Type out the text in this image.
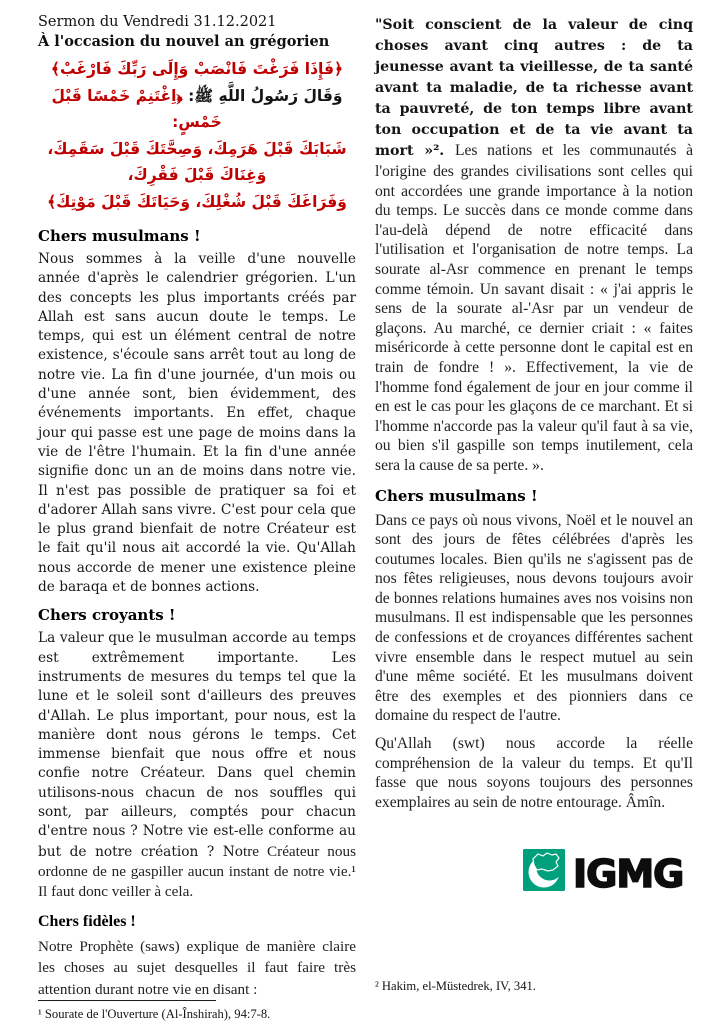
Sermon du Vendredi 31.12.2021
À l'occasion du nouvel an grégorien
﴿فَإِذَا فَرَغْتَ فَانْصَبْ وَإِلَى رَبِّكَ فَارْغَبْ﴾
وَقَالَ رَسُولُ اللَّهِ ﷺ: ﴿اِغْتَنِمْ خَمْسًا قَبْلَ خَمْسٍ:
شَبَابَكَ قَبْلَ هَرَمِكَ، وَصِحَّتَكَ قَبْلَ سَقَمِكَ، وَغِنَاكَ قَبْلَ فَقْرِكَ،
وَفَرَاغَكَ قَبْلَ شُغْلِكَ، وَحَيَاتَكَ قَبْلَ مَوْتِكَ﴾
Chers musulmans !

Nous sommes à la veille d'une nouvelle année d'après le calendrier grégorien. L'un des concepts les plus importants créés par Allah est sans aucun doute le temps. Le temps, qui est un élément central de notre existence, s'écoule sans arrêt tout au long de notre vie. La fin d'une journée, d'un mois ou d'une année sont, bien évidemment, des événements importants. En effet, chaque jour qui passe est une page de moins dans la vie de l'être l'humain. Et la fin d'une année signifie donc un an de moins dans notre vie. Il n'est pas possible de pratiquer sa foi et d'adorer Allah sans vivre. C'est pour cela que le plus grand bienfait de notre Créateur est le fait qu'il nous ait accordé la vie. Qu'Allah nous accorde de mener une existence pleine de baraqa et de bonnes actions.

Chers croyants !

La valeur que le musulman accorde au temps est extrêmement importante. Les instruments de mesures du temps tel que la lune et le soleil sont d'ailleurs des preuves d'Allah. Le plus important, pour nous, est la manière dont nous gérons le temps. Cet immense bienfait que nous offre et nous confie notre Créateur. Dans quel chemin utilisons-nous chacun de nos souffles qui sont, par ailleurs, comptés pour chacun d'entre nous ? Notre vie est-elle conforme au but de notre création ? Notre Créateur nous ordonne de ne gaspiller aucun instant de notre vie.¹ Il faut donc veiller à cela.

Chers fidèles !

Notre Prophète (saws) explique de manière claire les choses au sujet desquelles il faut faire très attention durant notre vie en disant :

¹ Sourate de l'Ouverture (Al-Înshirah), 94:7-8.

"Soit conscient de la valeur de cinq choses avant cinq autres : de ta jeunesse avant ta vieillesse, de ta santé avant ta maladie, de ta richesse avant ta pauvreté, de ton temps libre avant ton occupation et de ta vie avant ta mort »². Les nations et les communautés à l'origine des grandes civilisations sont celles qui ont accordées une grande importance à la notion du temps. Le succès dans ce monde comme dans l'au-delà dépend de notre efficacité dans l'utilisation et l'organisation de notre temps. La sourate al-Asr commence en prenant le temps comme témoin. Un savant disait : « j'ai appris le sens de la sourate al-'Asr par un vendeur de glaçons. Au marché, ce dernier criait : « faites miséricorde à cette personne dont le capital est en train de fondre ! ». Effectivement, la vie de l'homme fond également de jour en jour comme il en est le cas pour les glaçons de ce marchant. Et si l'homme n'accorde pas la valeur qu'il faut à sa vie, ou bien s'il gaspille son temps inutilement, cela sera la cause de sa perte. ».

Chers musulmans !

Dans ce pays où nous vivons, Noël et le nouvel an sont des jours de fêtes célébrées d'après les coutumes locales. Bien qu'ils ne s'agissent pas de nos fêtes religieuses, nous devons toujours avoir de bonnes relations humaines aves nos voisins non musulmans. Il est indispensable que les personnes de confessions et de croyances différentes sachent vivre ensemble dans le respect mutuel au sein d'une même société. Et les musulmans doivent être des exemples et des pionniers dans ce domaine du respect de l'autre.

Qu'Allah (swt) nous accorde la réelle compréhension de la valeur du temps. Et qu'Il fasse que nous soyons toujours des personnes exemplaires au sein de notre entourage. Âmîn.

IGMG
² Hakim, el-Müstedrek, IV, 341.
